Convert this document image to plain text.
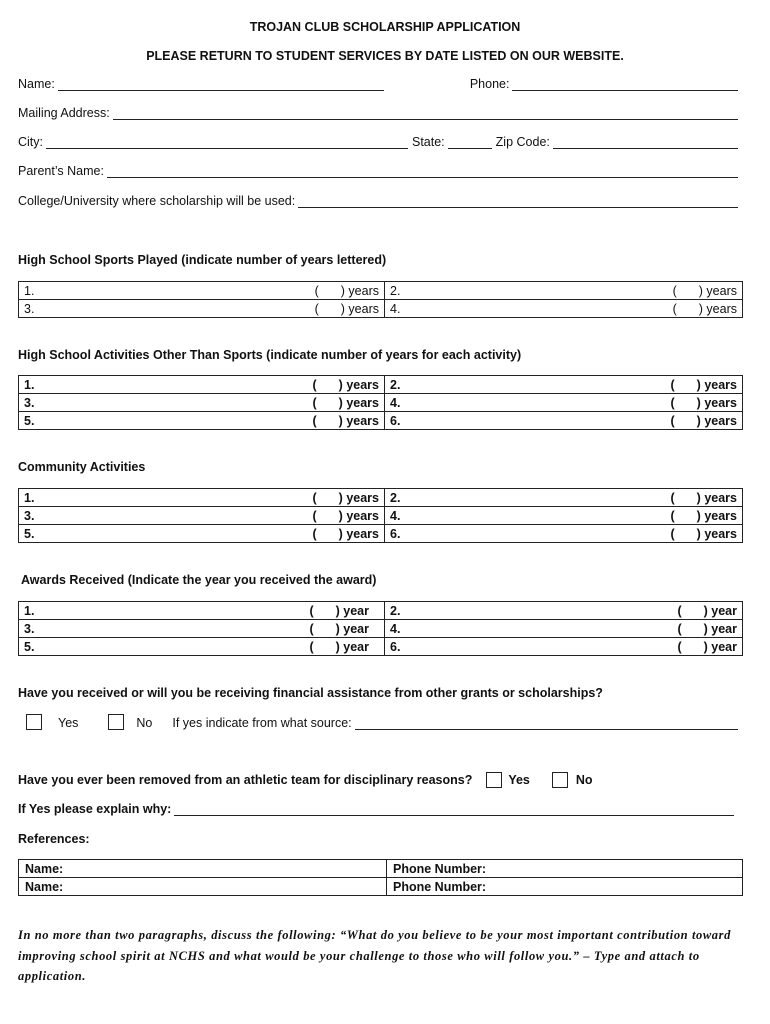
TROJAN CLUB SCHOLARSHIP APPLICATION
PLEASE RETURN TO STUDENT SERVICES BY DATE LISTED ON OUR WEBSITE.
Name:	Phone:
Mailing Address:
City:	State:	Zip Code:
Parent’s Name:
College/University where scholarship will be used:
High School Sports Played (indicate number of years lettered)
1. ( ) years	2. ( ) years

3. ( ) years	4. ( ) years
High School Activities Other Than Sports (indicate number of years for each activity)
1. ( ) years	2. ( ) years

3. ( ) years	4. ( ) years

5. ( ) years	6. ( ) years
Community Activities
1. ( ) years	2. ( ) years

3. ( ) years	4. ( ) years

5. ( ) years	6. ( ) years
Awards Received (Indicate the year you received the award)
1. ( ) year	2. ( ) year

3. ( ) year	4. ( ) year

5. ( ) year	6. ( ) year
Have you received or will you be receiving financial assistance from other grants or scholarships?
Yes	No If yes indicate from what source:
Have you ever been removed from an athletic team for disciplinary reasons?	Yes	No
If Yes please explain why:
References:
Name:	Phone Number:
Name:	Phone Number:
In no more than two paragraphs, discuss the following: “What do you believe to be your most important contribution toward improving school spirit at NCHS and what would be your challenge to those who will follow you.” – Type and attach to application.
